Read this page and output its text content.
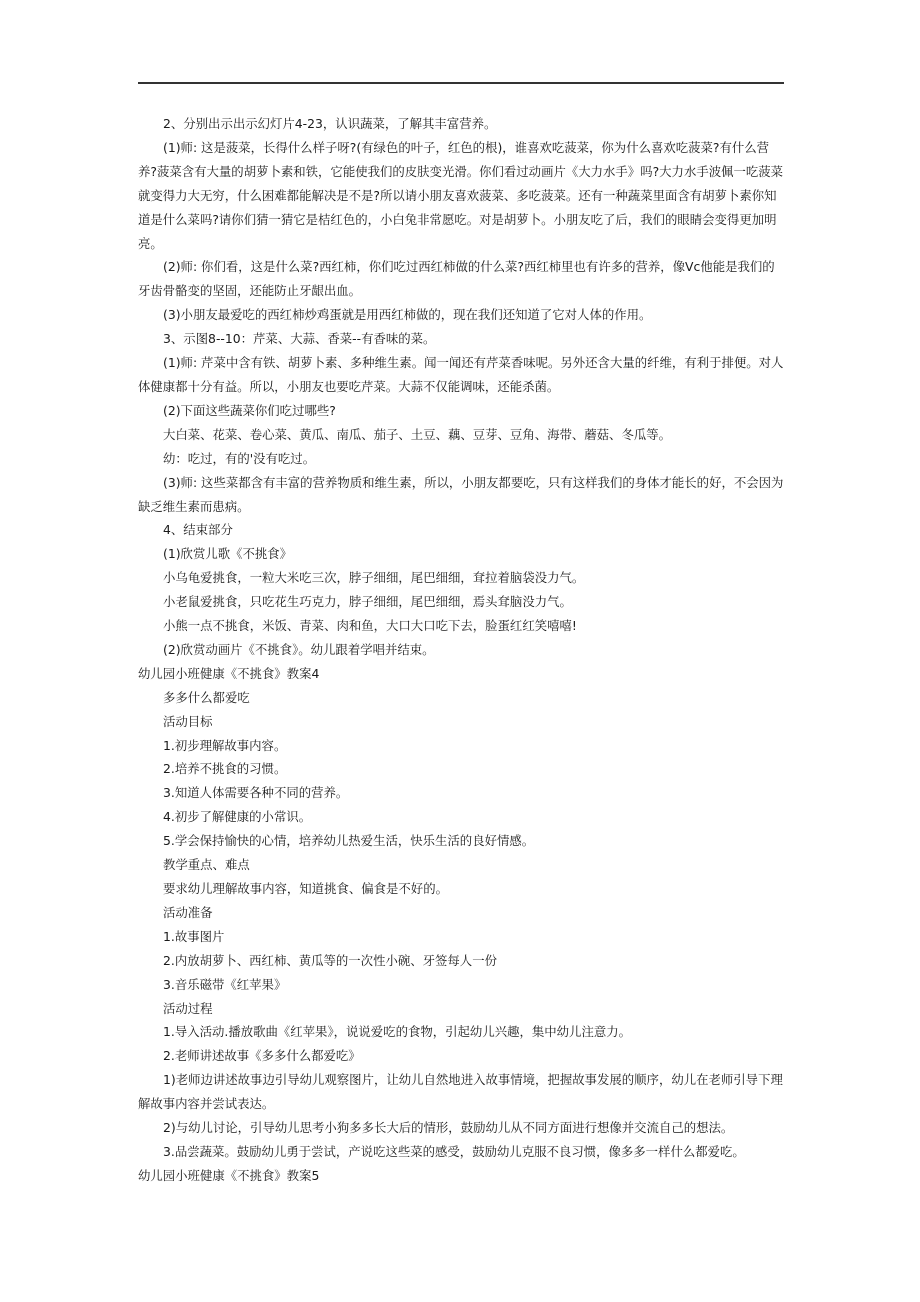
2、分别出示出示幻灯片4-23，认识蔬菜，了解其丰富营养。

(1)师: 这是菠菜，长得什么样子呀?(有绿色的叶子，红色的根)，谁喜欢吃菠菜，你为什么喜欢吃菠菜?有什么营养?菠菜含有大量的胡萝卜素和铁，它能使我们的皮肤变光滑。你们看过动画片《大力水手》吗?大力水手波佩一吃菠菜就变得力大无穷，什么困难都能解决是不是?所以请小朋友喜欢菠菜、多吃菠菜。还有一种蔬菜里面含有胡萝卜素你知道是什么菜吗?请你们猜一猜它是桔红色的，小白兔非常愿吃。对是胡萝卜。小朋友吃了后，我们的眼睛会变得更加明亮。

(2)师: 你们看，这是什么菜?西红柿，你们吃过西红柿做的什么菜?西红柿里也有许多的营养，像Vc他能是我们的牙齿骨骼变的坚固，还能防止牙龈出血。

(3)小朋友最爱吃的西红柿炒鸡蛋就是用西红柿做的，现在我们还知道了它对人体的作用。

3、示图8--10：芹菜、大蒜、香菜--有香味的菜。

(1)师: 芹菜中含有铁、胡萝卜素、多种维生素。闻一闻还有芹菜香味呢。另外还含大量的纤维，有利于排便。对人体健康都十分有益。所以，小朋友也要吃芹菜。大蒜不仅能调味，还能杀菌。

(2)下面这些蔬菜你们吃过哪些?

大白菜、花菜、卷心菜、黄瓜、南瓜、茄子、土豆、藕、豆芽、豆角、海带、蘑菇、冬瓜等。

幼：吃过，有的'没有吃过。

(3)师: 这些菜都含有丰富的营养物质和维生素，所以，小朋友都要吃，只有这样我们的身体才能长的好，不会因为缺乏维生素而患病。

4、结束部分

(1)欣赏儿歌《不挑食》

小乌龟爱挑食，一粒大米吃三次，脖子细细，尾巴细细，耷拉着脑袋没力气。

小老鼠爱挑食，只吃花生巧克力，脖子细细，尾巴细细，焉头耷脑没力气。

小熊一点不挑食，米饭、青菜、肉和鱼，大口大口吃下去，脸蛋红红笑嘻嘻!

(2)欣赏动画片《不挑食》。幼儿跟着学唱并结束。

幼儿园小班健康《不挑食》教案4

多多什么都爱吃

活动目标

1.初步理解故事内容。

2.培养不挑食的习惯。

3.知道人体需要各种不同的营养。

4.初步了解健康的小常识。

5.学会保持愉快的心情，培养幼儿热爱生活，快乐生活的良好情感。

教学重点、难点

要求幼儿理解故事内容，知道挑食、偏食是不好的。

活动准备

1.故事图片

2.内放胡萝卜、西红柿、黄瓜等的一次性小碗、牙签每人一份

3.音乐磁带《红苹果》

活动过程

1.导入活动.播放歌曲《红苹果》，说说爱吃的食物，引起幼儿兴趣，集中幼儿注意力。

2.老师讲述故事《多多什么都爱吃》

1)老师边讲述故事边引导幼儿观察图片，让幼儿自然地进入故事情境，把握故事发展的顺序，幼儿在老师引导下理解故事内容并尝试表达。

2)与幼儿讨论，引导幼儿思考小狗多多长大后的情形，鼓励幼儿从不同方面进行想像并交流自己的想法。

3.品尝蔬菜。鼓励幼儿勇于尝试，产说吃这些菜的感受，鼓励幼儿克服不良习惯，像多多一样什么都爱吃。

幼儿园小班健康《不挑食》教案5
